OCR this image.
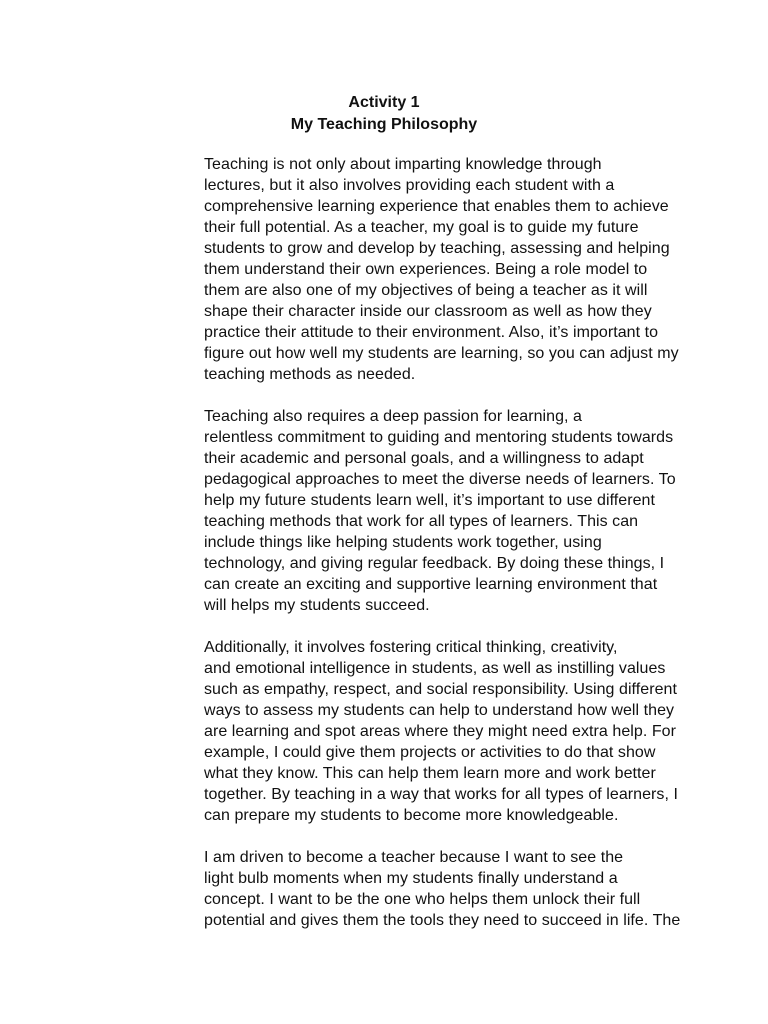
Activity 1
My Teaching Philosophy

Teaching is not only about imparting knowledge through
lectures, but it also involves providing each student with a
comprehensive learning experience that enables them to achieve
their full potential. As a teacher, my goal is to guide my future
students to grow and develop by teaching, assessing and helping
them understand their own experiences. Being a role model to
them are also one of my objectives of being a teacher as it will
shape their character inside our classroom as well as how they
practice their attitude to their environment. Also, it’s important to
figure out how well my students are learning, so you can adjust my
teaching methods as needed.

Teaching also requires a deep passion for learning, a
relentless commitment to guiding and mentoring students towards
their academic and personal goals, and a willingness to adapt
pedagogical approaches to meet the diverse needs of learners. To
help my future students learn well, it’s important to use different
teaching methods that work for all types of learners. This can
include things like helping students work together, using
technology, and giving regular feedback. By doing these things, I
can create an exciting and supportive learning environment that
will helps my students succeed.

Additionally, it involves fostering critical thinking, creativity,
and emotional intelligence in students, as well as instilling values
such as empathy, respect, and social responsibility. Using different
ways to assess my students can help to understand how well they
are learning and spot areas where they might need extra help. For
example, I could give them projects or activities to do that show
what they know. This can help them learn more and work better
together. By teaching in a way that works for all types of learners, I
can prepare my students to become more knowledgeable.

I am driven to become a teacher because I want to see the
light bulb moments when my students finally understand a
concept. I want to be the one who helps them unlock their full
potential and gives them the tools they need to succeed in life. The
